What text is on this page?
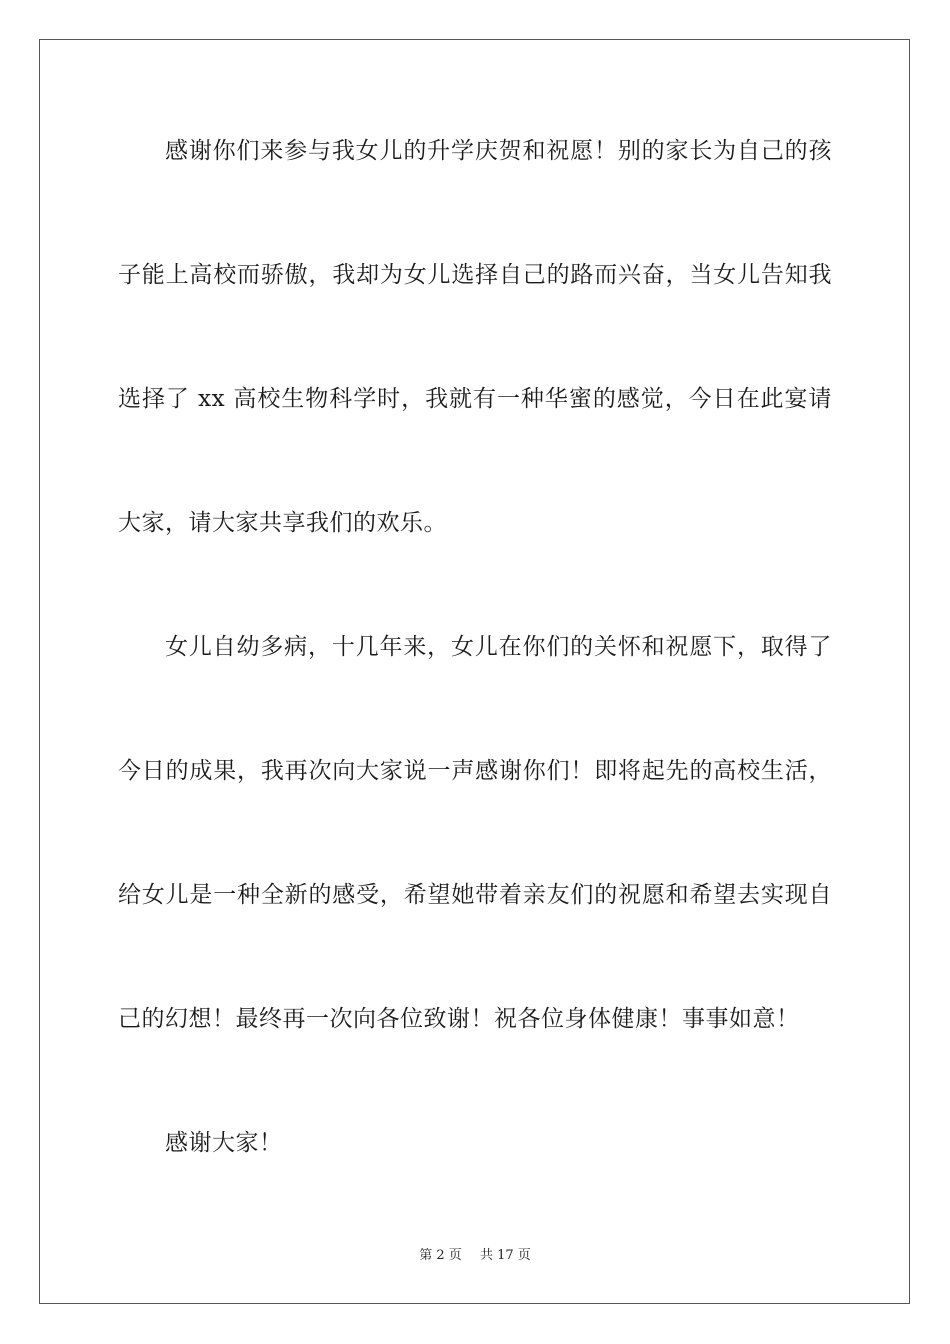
感谢你们来参与我女儿的升学庆贺和祝愿！别的家长为自己的孩
子能上高校而骄傲，我却为女儿选择自己的路而兴奋，当女儿告知我
选择了 xx 高校生物科学时，我就有一种华蜜的感觉，今日在此宴请
大家，请大家共享我们的欢乐。
女儿自幼多病，十几年来，女儿在你们的关怀和祝愿下，取得了
今日的成果，我再次向大家说一声感谢你们！即将起先的高校生活，
给女儿是一种全新的感受，希望她带着亲友们的祝愿和希望去实现自
己的幻想！最终再一次向各位致谢！祝各位身体健康！事事如意！
感谢大家！
第 2 页 共 17 页
